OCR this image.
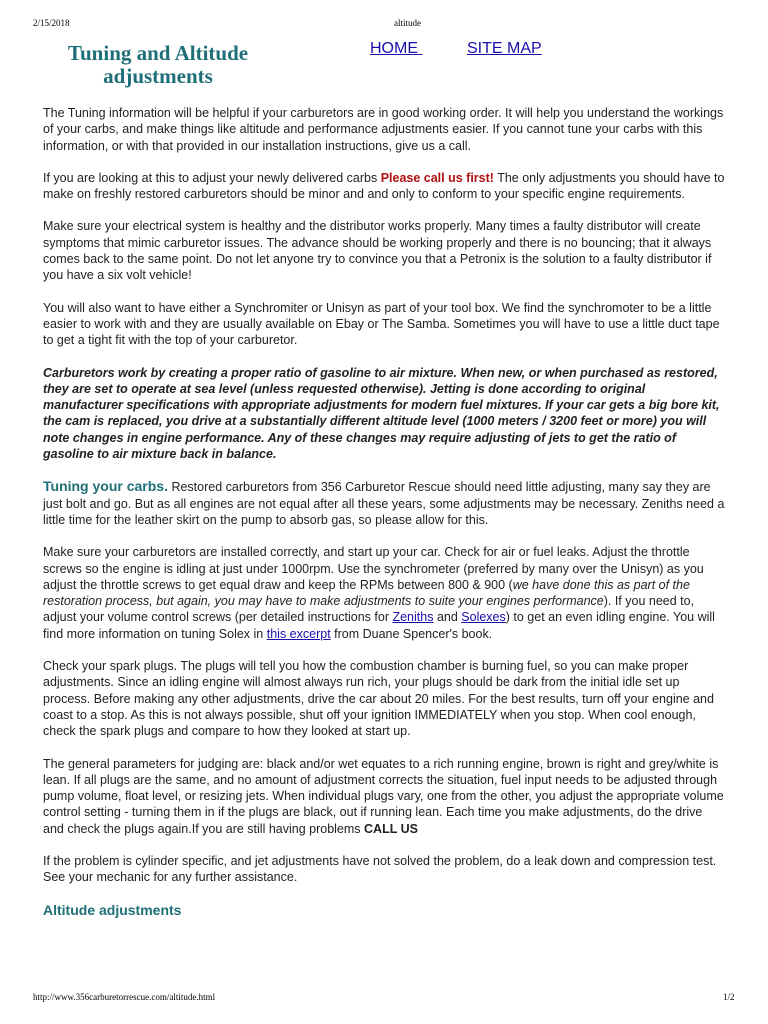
2/15/2018	altitude
Tuning and Altitude adjustments
HOME	SITE MAP

The Tuning information will be helpful if your carburetors are in good working order. It will help you understand the workings of your carbs, and make things like altitude and performance adjustments easier. If you cannot tune your carbs with this information, or with that provided in our installation instructions, give us a call.

If you are looking at this to adjust your newly delivered carbs Please call us first! The only adjustments you should have to make on freshly restored carburetors should be minor and and only to conform to your specific engine requirements.

Make sure your electrical system is healthy and the distributor works properly. Many times a faulty distributor will create symptoms that mimic carburetor issues. The advance should be working properly and there is no bouncing; that it always comes back to the same point. Do not let anyone try to convince you that a Petronix is the solution to a faulty distributor if you have a six volt vehicle!

You will also want to have either a Synchromiter or Unisyn as part of your tool box. We find the synchromoter to be a little easier to work with and they are usually available on Ebay or The Samba. Sometimes you will have to use a little duct tape to get a tight fit with the top of your carburetor.

Carburetors work by creating a proper ratio of gasoline to air mixture. When new, or when purchased as restored, they are set to operate at sea level (unless requested otherwise). Jetting is done according to original manufacturer specifications with appropriate adjustments for modern fuel mixtures. If your car gets a big bore kit, the cam is replaced, you drive at a substantially different altitude level (1000 meters / 3200 feet or more) you will note changes in engine performance. Any of these changes may require adjusting of jets to get the ratio of gasoline to air mixture back in balance.

Tuning your carbs. Restored carburetors from 356 Carburetor Rescue should need little adjusting, many say they are just bolt and go. But as all engines are not equal after all these years, some adjustments may be necessary. Zeniths need a little time for the leather skirt on the pump to absorb gas, so please allow for this.

Make sure your carburetors are installed correctly, and start up your car. Check for air or fuel leaks. Adjust the throttle screws so the engine is idling at just under 1000rpm. Use the synchrometer (preferred by many over the Unisyn) as you adjust the throttle screws to get equal draw and keep the RPMs between 800 & 900 (we have done this as part of the restoration process, but again, you may have to make adjustments to suite your engines performance). If you need to, adjust your volume control screws (per detailed instructions for Zeniths and Solexes) to get an even idling engine. You will find more information on tuning Solex in this excerpt from Duane Spencer's book.

Check your spark plugs. The plugs will tell you how the combustion chamber is burning fuel, so you can make proper adjustments. Since an idling engine will almost always run rich, your plugs should be dark from the initial idle set up process. Before making any other adjustments, drive the car about 20 miles. For the best results, turn off your engine and coast to a stop. As this is not always possible, shut off your ignition IMMEDIATELY when you stop. When cool enough, check the spark plugs and compare to how they looked at start up.

The general parameters for judging are: black and/or wet equates to a rich running engine, brown is right and grey/white is lean. If all plugs are the same, and no amount of adjustment corrects the situation, fuel input needs to be adjusted through pump volume, float level, or resizing jets. When individual plugs vary, one from the other, you adjust the appropriate volume control setting - turning them in if the plugs are black, out if running lean. Each time you make adjustments, do the drive and check the plugs again.If you are still having problems CALL US

If the problem is cylinder specific, and jet adjustments have not solved the problem, do a leak down and compression test. See your mechanic for any further assistance.

Altitude adjustments
http://www.356carburetorrescue.com/altitude.html	1/2
